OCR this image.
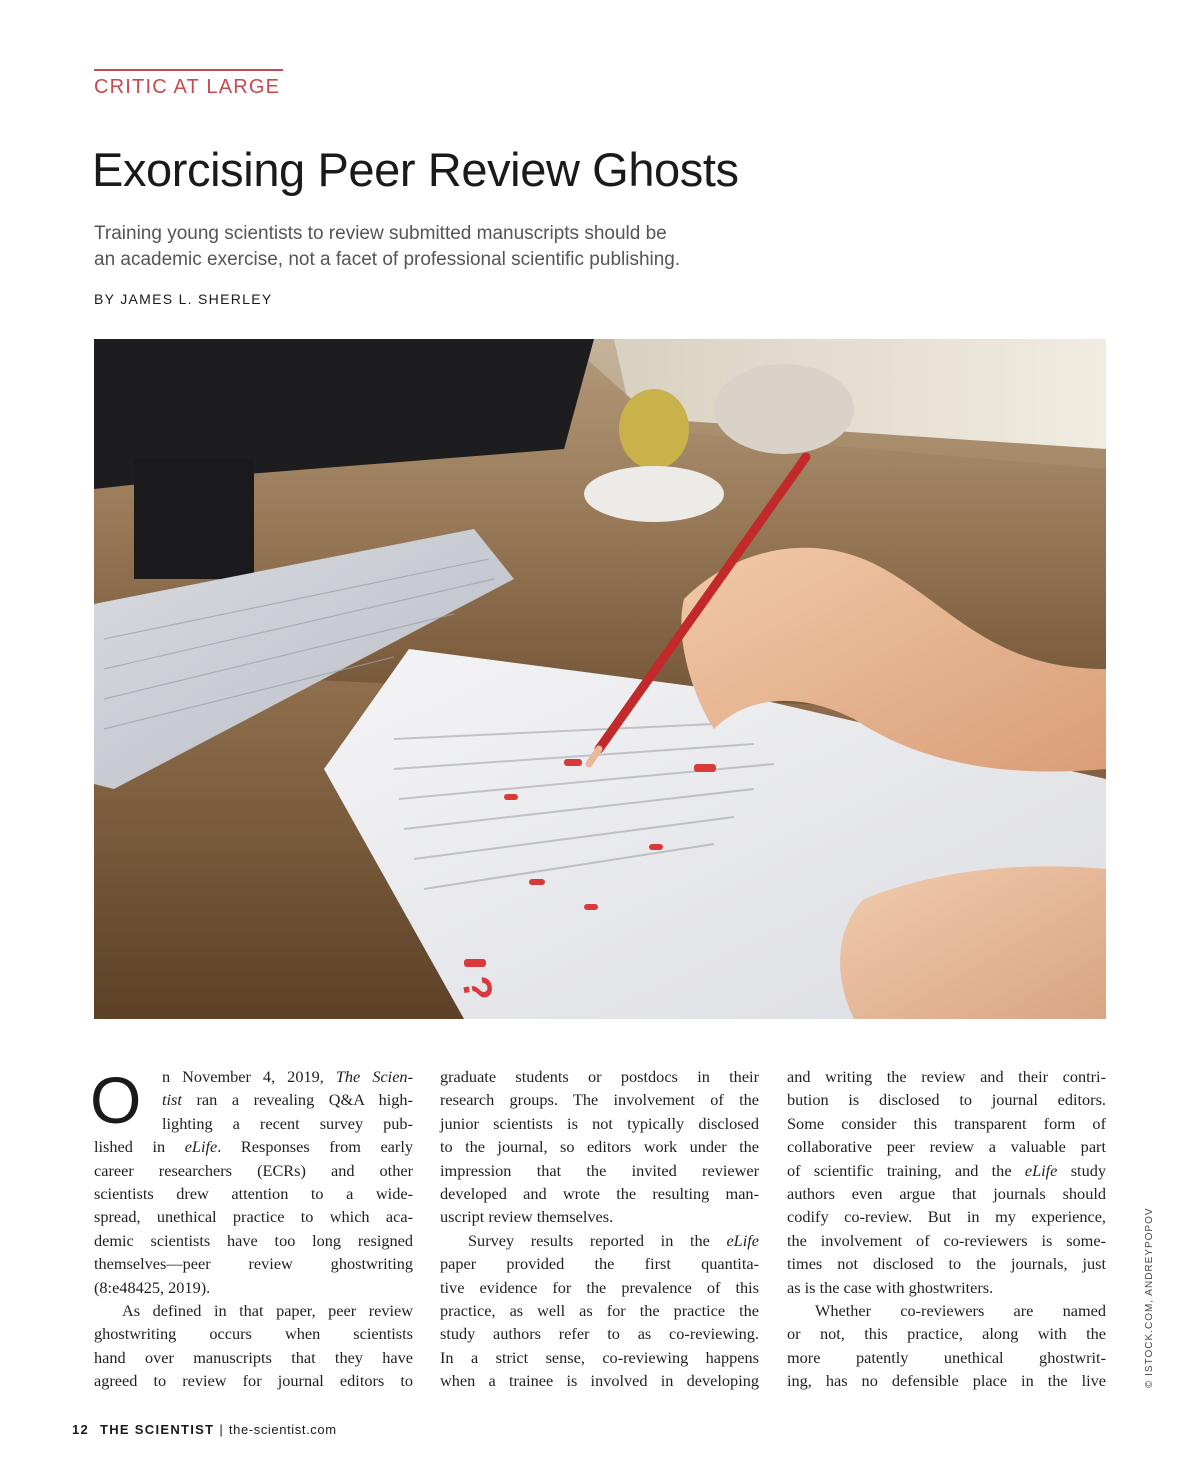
CRITIC AT LARGE
Exorcising Peer Review Ghosts
Training young scientists to review submitted manuscripts should be
an academic exercise, not a facet of professional scientific publishing.
BY JAMES L. SHERLEY
?
O	n November 4, 2019, The Scien-
tist ran a revealing Q&A high-
lighting a recent survey pub-
lished in eLife. Responses from early
career researchers (ECRs) and other
scientists drew attention to a wide-
spread, unethical practice to which aca-
demic scientists have too long resigned
themselves—peer review ghostwriting
(8:e48425, 2019).
As defined in that paper, peer review
ghostwriting occurs when scientists
hand over manuscripts that they have
agreed to review for journal editors to
graduate students or postdocs in their
research groups. The involvement of the
junior scientists is not typically disclosed
to the journal, so editors work under the
impression that the invited reviewer
developed and wrote the resulting man-
uscript review themselves.
Survey results reported in the eLife
paper provided the first quantita-
tive evidence for the prevalence of this
practice, as well as for the practice the
study authors refer to as co-reviewing.
In a strict sense, co-reviewing happens
when a trainee is involved in developing
and writing the review and their contri-
bution is disclosed to journal editors.
Some consider this transparent form of
collaborative peer review a valuable part
of scientific training, and the eLife study
authors even argue that journals should
codify co-review. But in my experience,
the involvement of co-reviewers is some-
times not disclosed to the journals, just
as is the case with ghostwriters.
Whether co-reviewers are named
or not, this practice, along with the
more patently unethical ghostwrit-
ing, has no defensible place in the live	© ISTOCK.COM, ANDREYPOPOV
12 THE SCIENTIST | the-scientist.com
